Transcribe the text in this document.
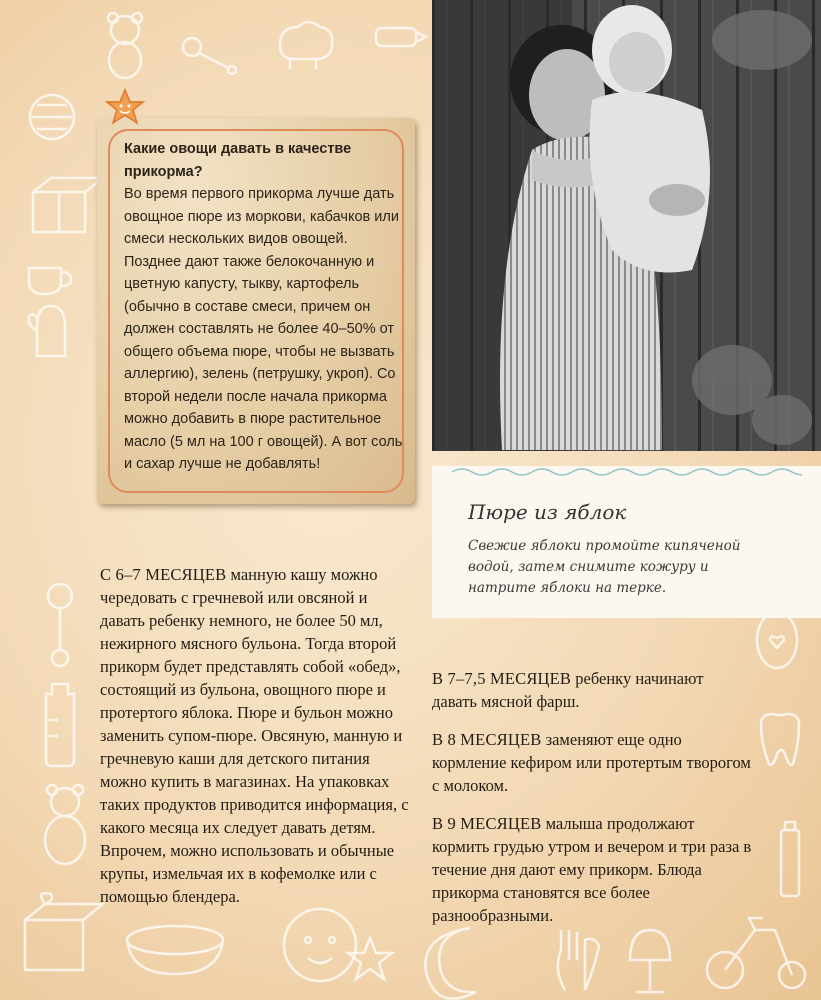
Какие овощи давать в качестве прикорма?
Во время первого прикорма лучше дать овощное пюре из моркови, кабачков или смеси нескольких видов овощей. Позднее дают также белокочанную и цветную капусту, тыкву, картофель (обычно в составе смеси, причем он должен составлять не более 40–50% от общего объема пюре, чтобы не вызвать аллергию), зелень (петрушку, укроп). Со второй недели после начала прикорма можно добавить в пюре растительное масло (5 мл на 100 г овощей). А вот соль и сахар лучше не добавлять!
Пюре из яблок
Свежие яблоки промойте кипяченой водой, затем снимите кожуру и натрите яблоки на терке.

С 6–7 МЕСЯЦЕВ манную кашу можно чередовать с гречневой или овсяной и давать ребенку немного, не более 50 мл, нежирного мясного бульона. Тогда второй прикорм будет представлять собой «обед», состоящий из бульона, овощного пюре и протертого яблока. Пюре и бульон можно заменить супом-пюре. Овсяную, манную и гречневую каши для детского питания можно купить в магазинах. На упаковках таких продуктов приводится информация, с какого месяца их следует давать детям. Впрочем, можно использовать и обычные крупы, измельчая их в кофемолке или с помощью блендера.

В 7–7,5 МЕСЯЦЕВ ребенку начинают давать мясной фарш.

В 8 МЕСЯЦЕВ заменяют еще одно кормление кефиром или протертым творогом с молоком.

В 9 МЕСЯЦЕВ малыша продолжают кормить грудью утром и вечером и три раза в течение дня дают ему прикорм. Блюда прикорма становятся все более разнообразными.
